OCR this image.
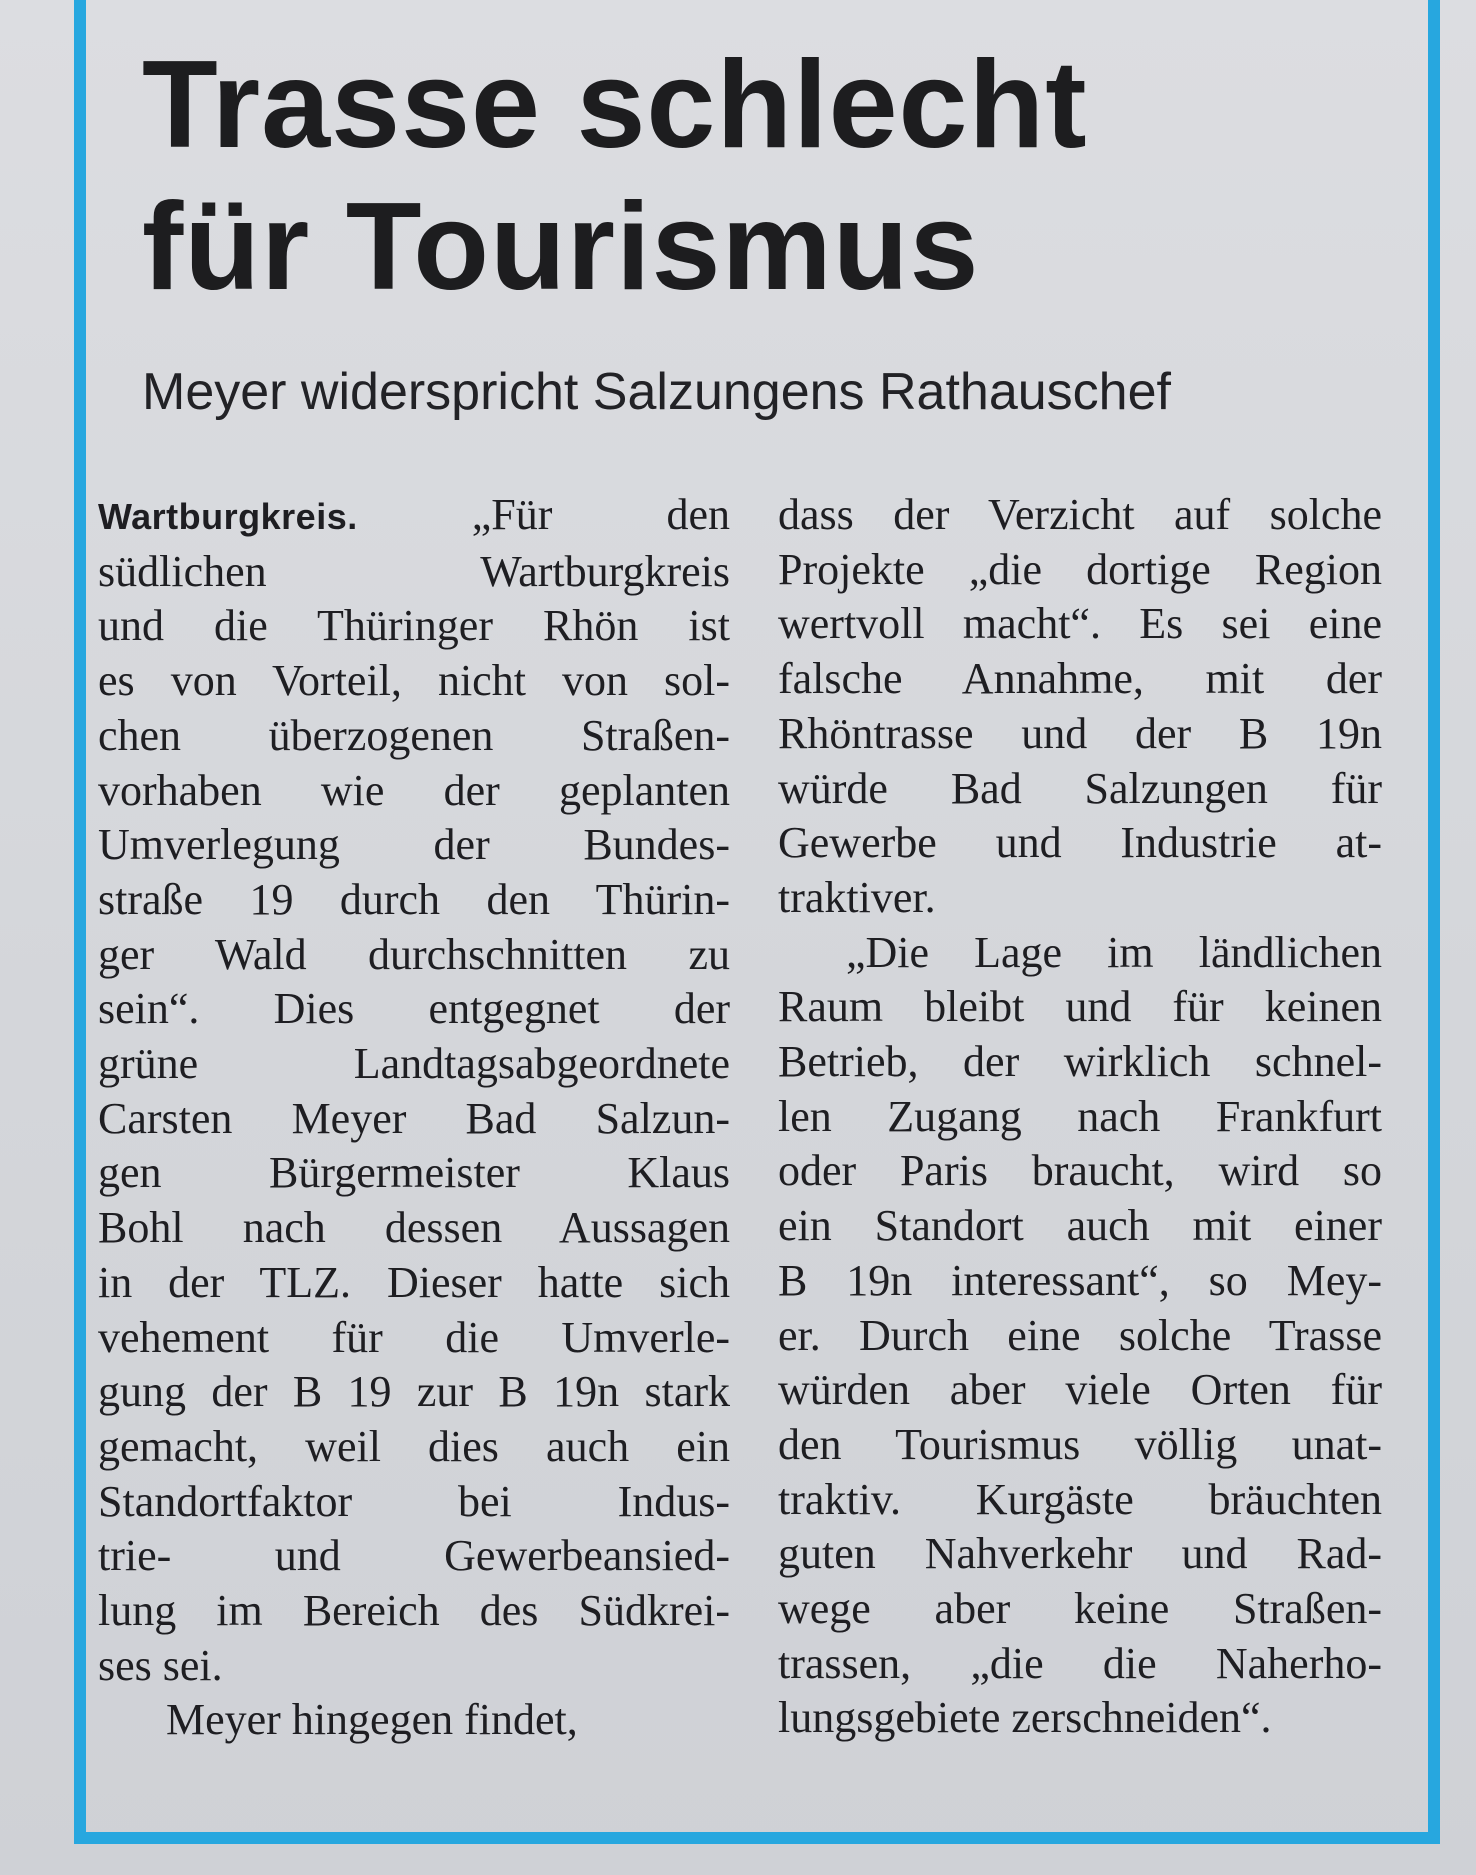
Trasse schlecht
für Tourismus
Meyer widerspricht Salzungens Rathauschef
Wartburgkreis.	„Für den
südlichen Wartburgkreis
und die Thüringer Rhön ist
es von Vorteil, nicht von sol-
chen überzogenen Straßen-
vorhaben wie der geplanten
Umverlegung der Bundes-
straße 19 durch den Thürin-
ger Wald durchschnitten zu
sein“. Dies entgegnet der
grüne Landtagsabgeordnete
Carsten Meyer Bad Salzun-
gen Bürgermeister Klaus
Bohl nach dessen Aussagen
in der TLZ. Dieser hatte sich
vehement für die Umverle-
gung der B 19 zur B 19n stark
gemacht, weil dies auch ein
Standortfaktor bei Indus-
trie- und Gewerbeansied-
lung im Bereich des Südkrei-
ses sei.
Meyer hingegen findet,
dass der Verzicht auf solche
Projekte „die dortige Region
wertvoll macht“. Es sei eine
falsche Annahme, mit der
Rhöntrasse und der B 19n
würde Bad Salzungen für
Gewerbe und Industrie at-
traktiver.
„Die Lage im ländlichen
Raum bleibt und für keinen
Betrieb, der wirklich schnel-
len Zugang nach Frankfurt
oder Paris braucht, wird so
ein Standort auch mit einer
B 19n interessant“, so Mey-
er. Durch eine solche Trasse
würden aber viele Orten für
den Tourismus völlig unat-
traktiv. Kurgäste bräuchten
guten Nahverkehr und Rad-
wege aber keine Straßen-
trassen, „die die Naherho-
lungsgebiete zerschneiden“.
